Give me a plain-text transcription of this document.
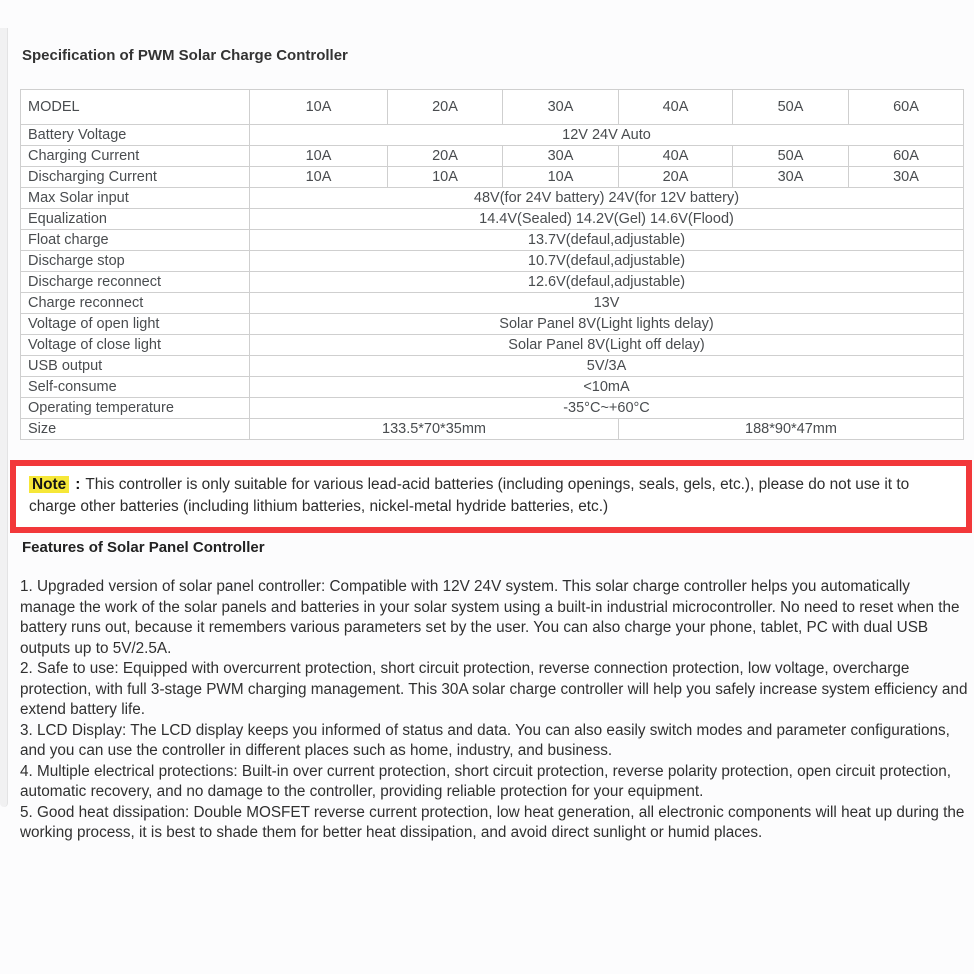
Specification of PWM Solar Charge Controller
MODEL	10A	20A	30A	40A	50A	60A
Battery Voltage	12V 24V Auto					
Charging Current	10A	20A	30A	40A	50A	60A
Discharging Current	10A	10A	10A	20A	30A	30A
Max Solar input	48V(for 24V battery) 24V(for 12V battery)					
Equalization	14.4V(Sealed) 14.2V(Gel) 14.6V(Flood)					
Float charge	13.7V(defaul,adjustable)					
Discharge stop	10.7V(defaul,adjustable)					
Discharge reconnect	12.6V(defaul,adjustable)					
Charge reconnect	13V					
Voltage of open light	Solar Panel 8V(Light lights delay)					
Voltage of close light	Solar Panel 8V(Light off delay)					
USB output	5V/3A					
Self-consume	<10mA					
Operating temperature	-35°C~+60°C					
Size	133.5*70*35mm			188*90*47mm		
Note : This controller is only suitable for various lead-acid batteries (including openings, seals, gels, etc.), please do not use it to charge other batteries (including lithium batteries, nickel-metal hydride batteries, etc.)
Features of Solar Panel Controller
1. Upgraded version of solar panel controller: Compatible with 12V 24V system. This solar charge controller helps you automatically manage the work of the solar panels and batteries in your solar system using a built-in industrial microcontroller. No need to reset when the battery runs out, because it remembers various parameters set by the user. You can also charge your phone, tablet, PC with dual USB outputs up to 5V/2.5A.
2. Safe to use: Equipped with overcurrent protection, short circuit protection, reverse connection protection, low voltage, overcharge protection, with full 3-stage PWM charging management. This 30A solar charge controller will help you safely increase system efficiency and extend battery life.
3. LCD Display: The LCD display keeps you informed of status and data. You can also easily switch modes and parameter configurations, and you can use the controller in different places such as home, industry, and business.
4. Multiple electrical protections: Built-in over current protection, short circuit protection, reverse polarity protection, open circuit protection, automatic recovery, and no damage to the controller, providing reliable protection for your equipment.
5. Good heat dissipation: Double MOSFET reverse current protection, low heat generation, all electronic components will heat up during the working process, it is best to shade them for better heat dissipation, and avoid direct sunlight or humid places.
